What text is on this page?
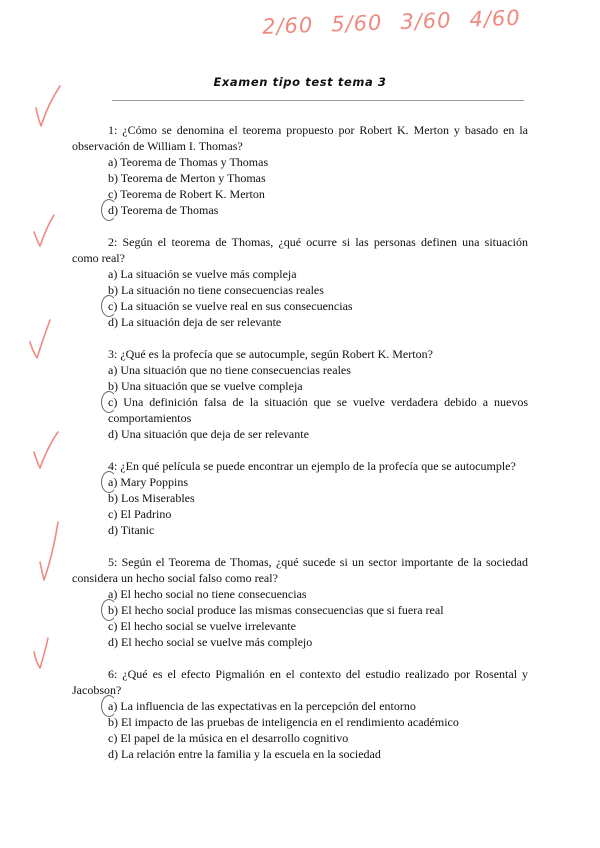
2/60 5/60 3/60 4/60
Examen tipo test tema 3

1: ¿Cómo se denomina el teorema propuesto por Robert K. Merton y basado en la observación de William I. Thomas?

a) Teorema de Thomas y Thomas
b) Teorema de Merton y Thomas
c) Teorema de Robert K. Merton
d) Teorema de Thomas

2: Según el teorema de Thomas, ¿qué ocurre si las personas definen una situación como real?

a) La situación se vuelve más compleja
b) La situación no tiene consecuencias reales
c) La situación se vuelve real en sus consecuencias
d) La situación deja de ser relevante

3: ¿Qué es la profecía que se autocumple, según Robert K. Merton?

a) Una situación que no tiene consecuencias reales
b) Una situación que se vuelve compleja
c) Una definición falsa de la situación que se vuelve verdadera debido a nuevos comportamientos
d) Una situación que deja de ser relevante

4: ¿En qué película se puede encontrar un ejemplo de la profecía que se autocumple?

a) Mary Poppins
b) Los Miserables
c) El Padrino
d) Titanic

5: Según el Teorema de Thomas, ¿qué sucede si un sector importante de la sociedad considera un hecho social falso como real?

a) El hecho social no tiene consecuencias
b) El hecho social produce las mismas consecuencias que si fuera real
c) El hecho social se vuelve irrelevante
d) El hecho social se vuelve más complejo

6: ¿Qué es el efecto Pigmalión en el contexto del estudio realizado por Rosental y Jacobson?

a) La influencia de las expectativas en la percepción del entorno
b) El impacto de las pruebas de inteligencia en el rendimiento académico
c) El papel de la música en el desarrollo cognitivo
d) La relación entre la familia y la escuela en la sociedad
